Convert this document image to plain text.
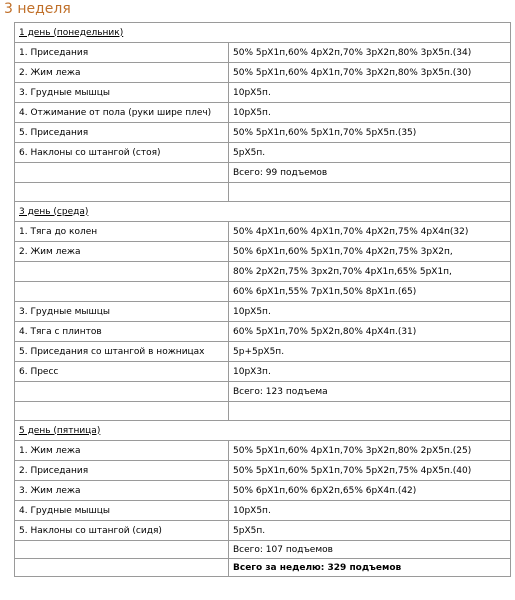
3 неделя
1 день (понедельник)	
1. Приседания	50% 5pX1п,60% 4pX2п,70% 3pX2п,80% 3pX5п.(34)
2. Жим лежа	50% 5pX1п,60% 4pX1п,70% 3pX2п,80% 3pX5п.(30)
3. Грудные мышцы	10pX5п.
4. Отжимание от пола (руки шире плеч)	10pX5п.
5. Приседания	50% 5pX1п,60% 5pX1п,70% 5pX5п.(35)
6. Наклоны со штангой (стоя)	5pX5п.
	Всего: 99 подъемов

3 день (среда)	
1. Тяга до колен	50% 4pX1п,60% 4pX1п,70% 4pX2п,75% 4pX4п(32)
2. Жим лежа	50% 6pX1п,60% 5pX1п,70% 4pX2п,75% 3pX2п,
	80% 2pX2п,75% 3pх2п,70% 4pX1п,65% 5pX1п,
	60% 6pX1п,55% 7pX1п,50% 8pX1п.(65)
3. Грудные мышцы	10pX5п.
4. Тяга с плинтов	60% 5pX1п,70% 5pX2п,80% 4pX4п.(31)
5. Приседания со штангой в ножницах	5p+5pX5п.
6. Пресс	10pX3п.
	Всего: 123 подъема

5 день (пятница)	
1. Жим лежа	50% 5pX1п,60% 4pX1п,70% 3pX2п,80% 2pX5п.(25)
2. Приседания	50% 5pX1п,60% 5pX1п,70% 5pX2п,75% 4pX5п.(40)
3. Жим лежа	50% 6pX1п,60% 6pX2п,65% 6pX4п.(42)
4. Грудные мышцы	10pX5п.
5. Наклоны со штангой (сидя)	5pX5п.
	Всего: 107 подъемов
	Всего за неделю: 329 подъемов
